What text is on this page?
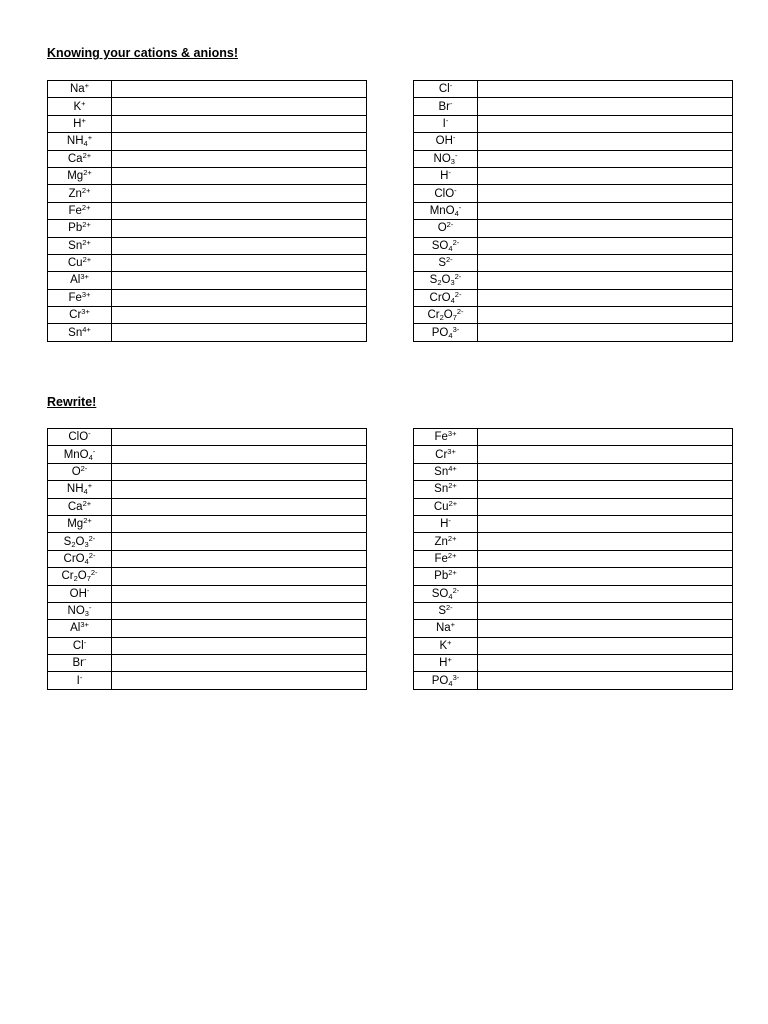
Knowing your cations & anions!
Na+	
K+	
H+	
$NH_4^+$	
$Ca^{2+}$	
$Mg^{2+}$	
$Zn^{2+}$	
$Fe^{2+}$	
$Pb^{2+}$	
$Sn^{2+}$	
$Cu^{2+}$	
$Al^{3+}$	
$Fe^{3+}$	
$Cr^{3+}$	
$Sn^{4+}$	
Cl-	
Br-	
I-	
OH-	
$NO_3^-$	
H-	
ClO-	
MnO$_4$-	
$O^{2-}$	
$SO_4^{2-}$	
$S^{2-}$	
$S_2O_3^{2-}$	
CrO$_4^{2-}$	
$Cr_2O_7^{2-}$	
$PO_4^{3-}$	
Rewrite!
ClO-	
MnO$_4$-	
$O^{2-}$	
$NH_4^+$	
$Ca^{2+}$	
$Mg^{2+}$	
$S_2O_3^{2-}$	
CrO$_4^{2-}$	
$Cr_2O_7^{2-}$	
OH-	
$NO_3^-$	
$Al^{3+}$	
Cl-	
Br-	
I-	
$Fe^{3+}$	
$Cr^{3+}$	
$Sn^{4+}$	
$Sn^{2+}$	
$Cu^{2+}$	
H-	
$Zn^{2+}$	
$Fe^{2+}$	
$Pb^{2+}$	
$SO_4^{2-}$	
$S^{2-}$	
Na+	
K+	
H+	
$PO_4^{3-}$	
